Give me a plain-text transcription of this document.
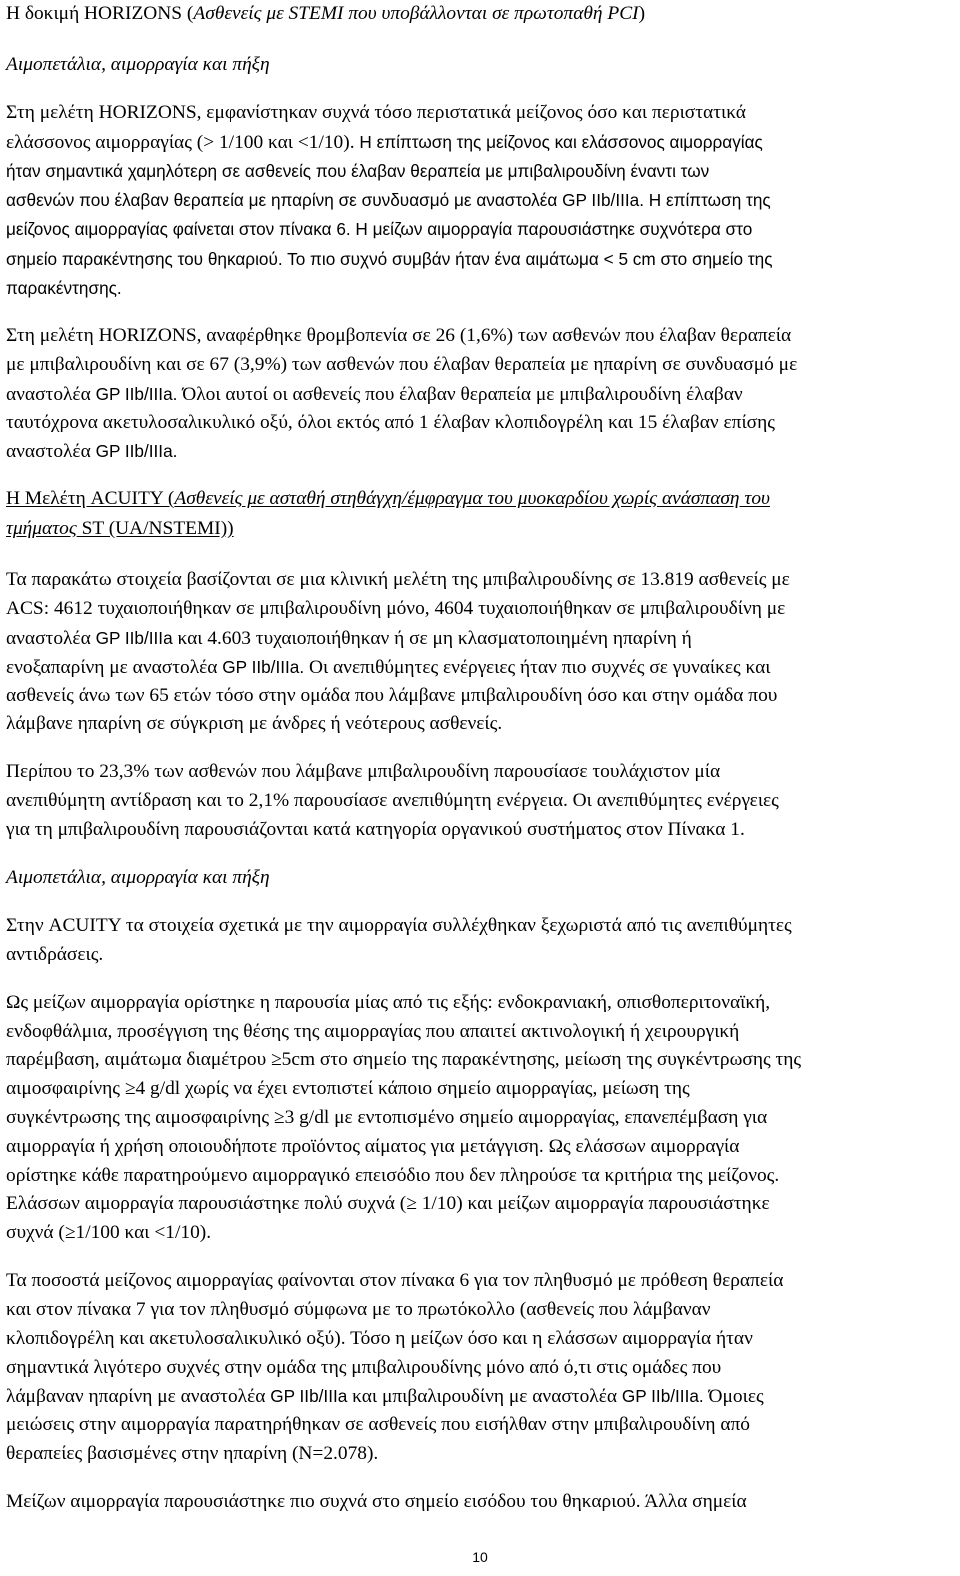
Η δοκιμή HORIZONS (Ασθενείς με STEMI που υποβάλλονται σε πρωτοπαθή PCI)
Αιμοπετάλια, αιμορραγία και πήξη
Στη μελέτη HORIZONS, εμφανίστηκαν συχνά τόσο περιστατικά μείζονος όσο και περιστατικά
ελάσσονος αιμορραγίας (> 1/100 και <1/10). Η επίπτωση της μείζονος και ελάσσονος αιμορραγίας
ήταν σημαντικά χαμηλότερη σε ασθενείς που έλαβαν θεραπεία με μπιβαλιρουδίνη έναντι των
ασθενών που έλαβαν θεραπεία με ηπαρίνη σε συνδυασμό με αναστολέα GP IIb/IIIa. Η επίπτωση της
μείζονος αιμορραγίας φαίνεται στον πίνακα 6. Η μείζων αιμορραγία παρουσιάστηκε συχνότερα στο
σημείο παρακέντησης του θηκαριού. Το πιο συχνό συμβάν ήταν ένα αιμάτωμα < 5 cm στο σημείο της
παρακέντησης.
Στη μελέτη HORIZONS, αναφέρθηκε θρομβοπενία σε 26 (1,6%) των ασθενών που έλαβαν θεραπεία
με μπιβαλιρουδίνη και σε 67 (3,9%) των ασθενών που έλαβαν θεραπεία με ηπαρίνη σε συνδυασμό με
αναστολέα GP IIb/IIIa. Όλοι αυτοί οι ασθενείς που έλαβαν θεραπεία με μπιβαλιρουδίνη έλαβαν
ταυτόχρονα ακετυλοσαλικυλικό οξύ, όλοι εκτός από 1 έλαβαν κλοπιδογρέλη και 15 έλαβαν επίσης
αναστολέα GP IIb/IIIa.
Η Μελέτη ACUITY (Ασθενείς με ασταθή στηθάγχη/έμφραγμα του μυοκαρδίου χωρίς ανάσπαση του
τμήματος ST (UA/NSTEMI))
Τα παρακάτω στοιχεία βασίζονται σε μια κλινική μελέτη της μπιβαλιρουδίνης σε 13.819 ασθενείς με
ACS: 4612 τυχαιοποιήθηκαν σε μπιβαλιρουδίνη μόνο, 4604 τυχαιοποιήθηκαν σε μπιβαλιρουδίνη με
αναστολέα GP IIb/IIIa και 4.603 τυχαιοποιήθηκαν ή σε μη κλασματοποιημένη ηπαρίνη ή
ενοξαπαρίνη με αναστολέα GP IIb/IIIa. Οι ανεπιθύμητες ενέργειες ήταν πιο συχνές σε γυναίκες και
ασθενείς άνω των 65 ετών τόσο στην ομάδα που λάμβανε μπιβαλιρουδίνη όσο και στην ομάδα που
λάμβανε ηπαρίνη σε σύγκριση με άνδρες ή νεότερους ασθενείς.
Περίπου το 23,3% των ασθενών που λάμβανε μπιβαλιρουδίνη παρουσίασε τουλάχιστον μία
ανεπιθύμητη αντίδραση και το 2,1% παρουσίασε ανεπιθύμητη ενέργεια. Οι ανεπιθύμητες ενέργειες
για τη μπιβαλιρουδίνη παρουσιάζονται κατά κατηγορία οργανικού συστήματος στον Πίνακα 1.
Αιμοπετάλια, αιμορραγία και πήξη
Στην ACUITY τα στοιχεία σχετικά με την αιμορραγία συλλέχθηκαν ξεχωριστά από τις ανεπιθύμητες
αντιδράσεις.
Ως μείζων αιμορραγία ορίστηκε η παρουσία μίας από τις εξής: ενδοκρανιακή, οπισθοπεριτοναϊκή,
ενδοφθάλμια, προσέγγιση της θέσης της αιμορραγίας που απαιτεί ακτινολογική ή χειρουργική
παρέμβαση, αιμάτωμα διαμέτρου ≥5cm στο σημείο της παρακέντησης, μείωση της συγκέντρωσης της
αιμοσφαιρίνης ≥4 g/dl χωρίς να έχει εντοπιστεί κάποιο σημείο αιμορραγίας, μείωση της
συγκέντρωσης της αιμοσφαιρίνης ≥3 g/dl με εντοπισμένο σημείο αιμορραγίας, επανεπέμβαση για
αιμορραγία ή χρήση οποιουδήποτε προϊόντος αίματος για μετάγγιση. Ως ελάσσων αιμορραγία
ορίστηκε κάθε παρατηρούμενο αιμορραγικό επεισόδιο που δεν πληρούσε τα κριτήρια της μείζονος.
Ελάσσων αιμορραγία παρουσιάστηκε πολύ συχνά (≥ 1/10) και μείζων αιμορραγία παρουσιάστηκε
συχνά (≥1/100 και <1/10).
Τα ποσοστά μείζονος αιμορραγίας φαίνονται στον πίνακα 6 για τον πληθυσμό με πρόθεση θεραπεία
και στον πίνακα 7 για τον πληθυσμό σύμφωνα με το πρωτόκολλο (ασθενείς που λάμβαναν
κλοπιδογρέλη και ακετυλοσαλικυλικό οξύ). Τόσο η μείζων όσο και η ελάσσων αιμορραγία ήταν
σημαντικά λιγότερο συχνές στην ομάδα της μπιβαλιρουδίνης μόνο από ό,τι στις ομάδες που
λάμβαναν ηπαρίνη με αναστολέα GP IIb/IIIa και μπιβαλιρουδίνη με αναστολέα GP IIb/IIIa. Όμοιες
μειώσεις στην αιμορραγία παρατηρήθηκαν σε ασθενείς που εισήλθαν στην μπιβαλιρουδίνη από
θεραπείες βασισμένες στην ηπαρίνη (N=2.078).
Μείζων αιμορραγία παρουσιάστηκε πιο συχνά στο σημείο εισόδου του θηκαριού. Άλλα σημεία
10
